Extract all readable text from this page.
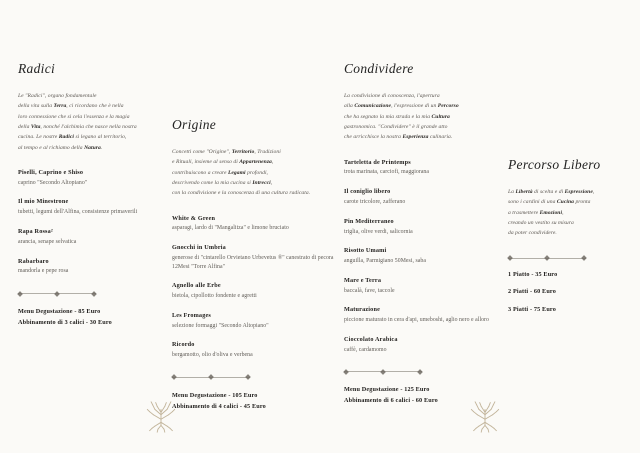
Radici

Le "Radici", organo fondamentale
della vita sulla Terra, ci ricordano che è nella
loro connessione che si cela l'essenza e la magia
della Vita, nonché l'alchimia che nasce nella nostra
cucina. Le nostre Radici si legano al territorio,
al tempo e al richiamo della Natura.

Piselli, Caprino e Shiso
caprino "Secondo Altopiano"
Il mio Minestrone
tubetti, legumi dell'Alfina, consistenze primaverili
Rapa Rossa²
arancia, senape selvatica
Rabarbaro
mandorla e pepe rosa
Menu Degustazione - 85 Euro
Abbinamento di 3 calici - 30 Euro
Origine

Concetti come "Origine", Territorio, Tradizioni
e Rituali, insieme al senso di Appartenenza,
contribuiscono a creare Legami profondi,
descrivendo come la mia cucina si Intrecci,
con la condivisione e la conoscenza di una cultura radicata.

White & Green
asparagi, lardo di "Mangalitza" e limone bruciato
Gnocchi in Umbria
generose di "cintarello Orvietano Urbevetus ®" canestrato di pecora 12Mesi "Torre Alfina"
Agnello alle Erbe
bietola, cipollotto fondente e agretti
Les Fromages
selezione formaggi "Secondo Altopiano"
Ricordo
bergamotto, olio d'oliva e verbena
Menu Degustazione - 105 Euro
Abbinamento di 4 calici - 45 Euro
Condividere

La condivisione di conoscenza, l'apertura
alla Comunicazione, l'espressione di un Percorso
che ha segnato la mia strada e la mia Cultura
gastronomica. "Condividere" è il grande atto
che arricchisce la nostra Esperienza culinaria.

Tarteletta de Printemps
trota marinata, carciofi, maggiorana
Il coniglio libero
carote tricolore, zafferano
Pin Mediterraneo
triglia, olive verdi, salicornia
Risotto Umami
anguilla, Parmigiano 50Mesi, saba
Mare e Terra
baccalà, fave, taccole
Maturazione
piccione maturato in cera d'api, umeboshi, aglio nero e alloro
Cioccolato Arabica
caffè, cardamomo
Menu Degustazione - 125 Euro
Abbinamento di 6 calici - 60 Euro
Percorso Libero

La Libertà di scelta e di Espressione,
sono i cardini di una Cucina pronta
a trasmettere Emozioni,
creando un vestito su misura
da poter condividere.

1 Piatto - 35 Euro
2 Piatti - 60 Euro
3 Piatti - 75 Euro
